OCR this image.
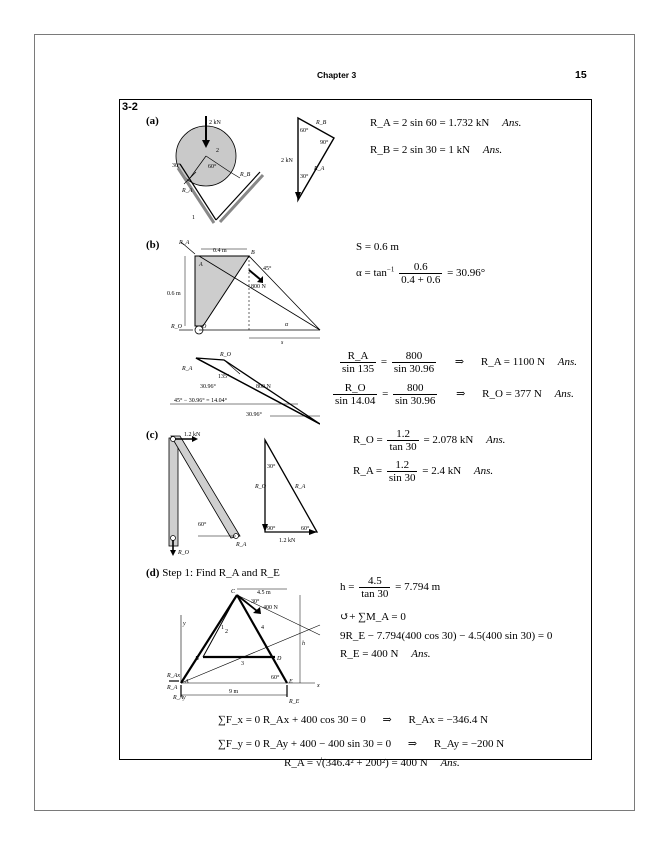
Chapter 3	15
3-2
(a)	2 kN
30°	60°
2
1
R_A
R_B
60°
90°
30°
2 kN
R_B
R_A
R_A = 2 sin 60 = 1.732 kN Ans.
R_B = 2 sin 30 = 1 kN Ans.
(b)	0.4 m
0.6 m
B
A
O
45°
800 N
s
α
R_A
R_O
S = 0.6 m
$\alpha = \tan^{-1} \frac{0.6}{0.4 + 0.6} = 30.96^\circ$
R_O
R_A
135°
30.96°	800 N
45° − 30.96° = 14.04°
30.96°
$\frac{R\_A}{\sin 135} = \frac{800}{\sin 30.96}$ ⇒ R_A = 1100 N Ans.
$\frac{R\_O}{\sin 14.04} = \frac{800}{\sin 30.96}$ ⇒ R_O = 377 N Ans.
(c)	1.2 kN
60°
R_O
R_A
30°
R_O	R_A
90°	60°
1.2 kN
R_O = $\frac{1.2}{\tan 30} = 2.078$ kN Ans.
R_A = $\frac{1.2}{\sin 30} = 2.4$ kN Ans.
(d) Step 1: Find R_A and R_E
C	4.5 m
30°
400 N
B	D
A	E
y
x
h
1
2
3
4
60°
9 m
R_Ax
R_A
R_Ay
R_E
$h = \frac{4.5}{\tan 30} = 7.794$ m
↺+ ∑M_A = 0
9R_E − 7.794(400 cos 30) − 4.5(400 sin 30) = 0
R_E = 400 N Ans.
∑F_x = 0 R_Ax + 400 cos 30 = 0 ⇒ R_Ax = −346.4 N
∑F_y = 0 R_Ay + 400 − 400 sin 30 = 0 ⇒ R_Ay = −200 N
R_A = √(346.4² + 200²) = 400 N Ans.
